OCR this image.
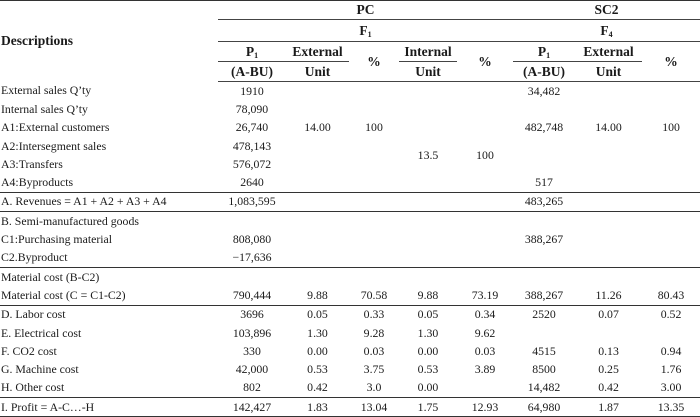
Descriptions	PC					SC2		
	$F_1$					$F_4$
	$P_1$	External	%	Internal	%	$P_1$	External	%
	(A-BU)	Unit		Unit		(A-BU)	Unit	
External sales Q’ty	1910					34,482		
Internal sales Q’ty	78,090							
A1:External customers	26,740	14.00	100			482,748	14.00	100
A2:Intersegment sales	478,143			13.5	100			
A3:Transfers	576,072							
A4:Byproducts	2640					517		
A. Revenues = A1 + A2 + A3 + A4	1,083,595					483,265		
B. Semi-manufactured goods								
C1:Purchasing material	808,080					388,267		
C2.Byproduct	−17,636							
Material cost (B-C2)								
Material cost (C = C1-C2)	790,444	9.88	70.58	9.88	73.19	388,267	11.26	80.43
D. Labor cost	3696	0.05	0.33	0.05	0.34	2520	0.07	0.52
E. Electrical cost	103,896	1.30	9.28	1.30	9.62			
F. CO2 cost	330	0.00	0.03	0.00	0.03	4515	0.13	0.94
G. Machine cost	42,000	0.53	3.75	0.53	3.89	8500	0.25	1.76
H. Other cost	802	0.42	3.0	0.00		14,482	0.42	3.00
I. Profit = A-C…-H	142,427	1.83	13.04	1.75	12.93	64,980	1.87	13.35
